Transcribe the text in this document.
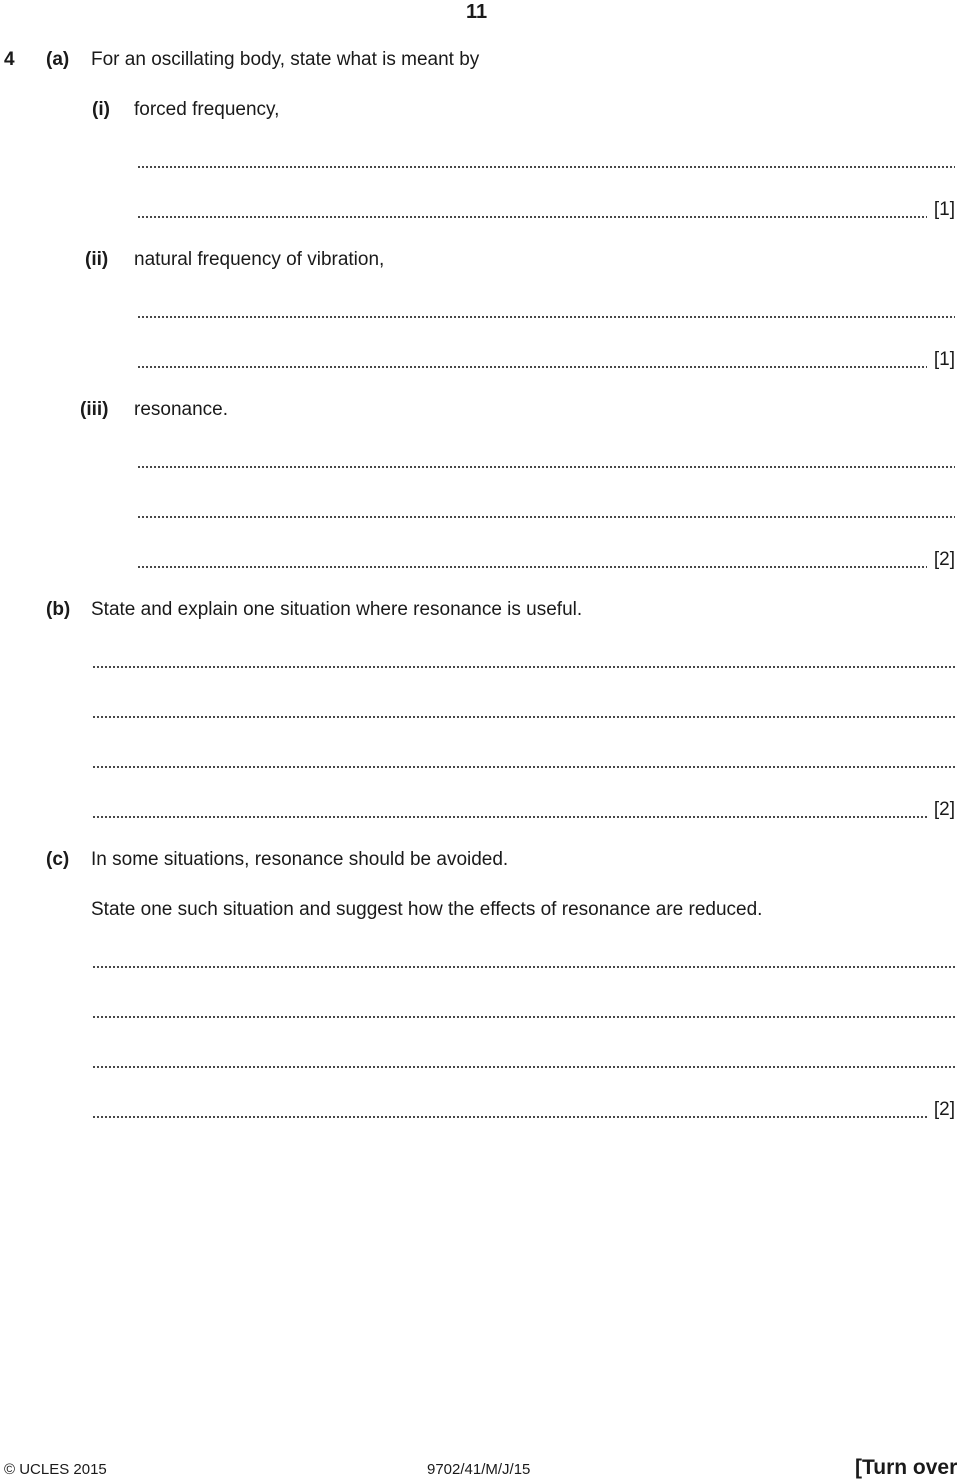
11
4 (a) For an oscillating body, state what is meant by
(i) forced frequency,
[1]
(ii) natural frequency of vibration,
[1]
(iii) resonance.
[2]
(b) State and explain one situation where resonance is useful.
[2]
(c) In some situations, resonance should be avoided.
State one such situation and suggest how the effects of resonance are reduced.
[2]
© UCLES 2015	9702/41/M/J/15	[Turn over
